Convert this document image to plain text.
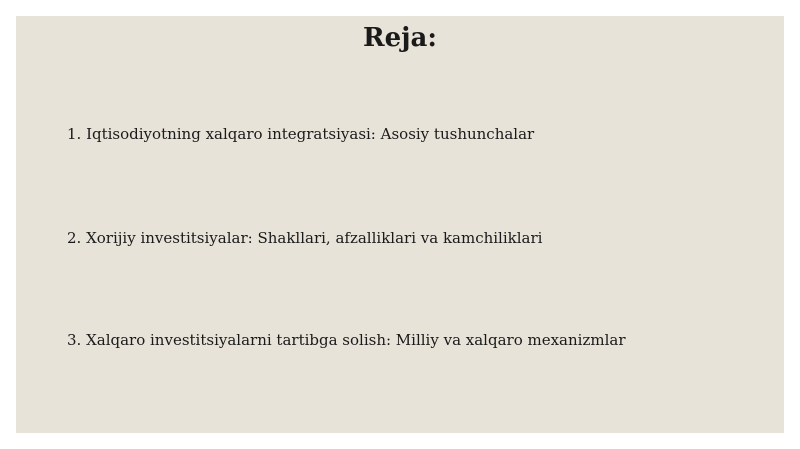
Reja:
1. Iqtisodiyotning xalqaro integratsiyasi: Asosiy tushunchalar
2. Xorijiy investitsiyalar: Shakllari, afzalliklari va kamchiliklari
3. Xalqaro investitsiyalarni tartibga solish: Milliy va xalqaro mexanizmlar
